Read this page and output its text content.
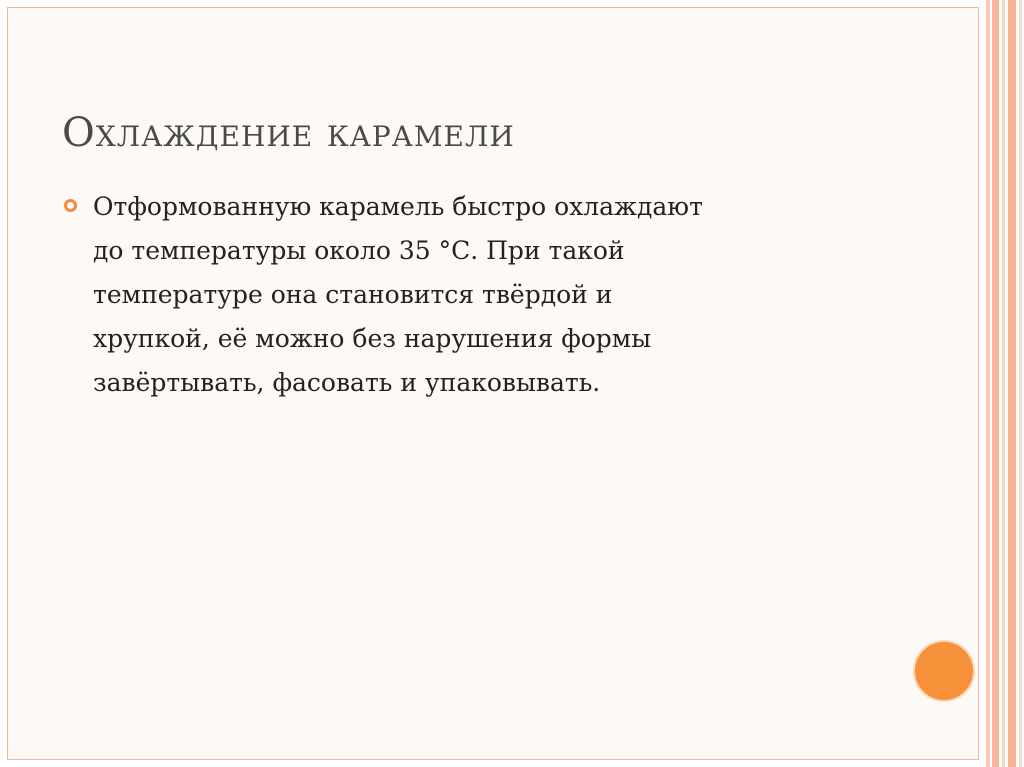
Охлаждение карамели

Отформованную карамель быстро охлаждают
до температуры около 35 °С. При такой
температуре она становится твёрдой и
хрупкой, её можно без нарушения формы
завёртывать, фасовать и упаковывать.
